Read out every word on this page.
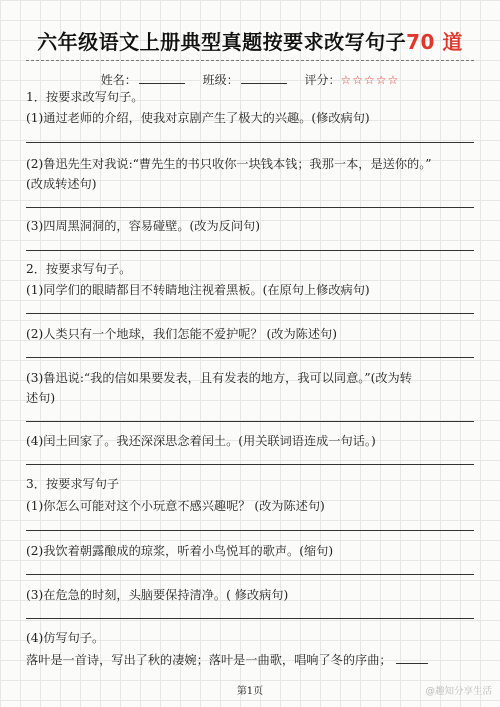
六年级语文上册典型真题按要求改写句子70 道
姓名：	班级：	评分：☆☆☆☆☆
1．按要求改写句子。
(1)通过老师的介绍，使我对京剧产生了极大的兴趣。(修改病句)
(2)鲁迅先生对我说:“曹先生的书只收你一块钱本钱；我那一本，是送你的。”
(改成转述句)
(3)四周黑洞洞的，容易碰壁。(改为反问句)
2．按要求写句子。
(1)同学们的眼睛都目不转睛地注视着黑板。(在原句上修改病句)
(2)人类只有一个地球，我们怎能不爱护呢？ (改为陈述句)
(3)鲁迅说:“我的信如果要发表，且有发表的地方，我可以同意。”(改为转
述句)
(4)闰土回家了。我还深深思念着闰土。(用关联词语连成一句话。)
3．按要求写句子
(1)你怎么可能对这个小玩意不感兴趣呢？ (改为陈述句)
(2)我饮着朝露酿成的琼浆，听着小鸟悦耳的歌声。(缩句)
(3)在危急的时刻，头脑要保持清净。( 修改病句)
(4)仿写句子。
落叶是一首诗，写出了秋的凄婉；落叶是一曲歌，唱响了冬的序曲；
第1页	@趣知分享生活
